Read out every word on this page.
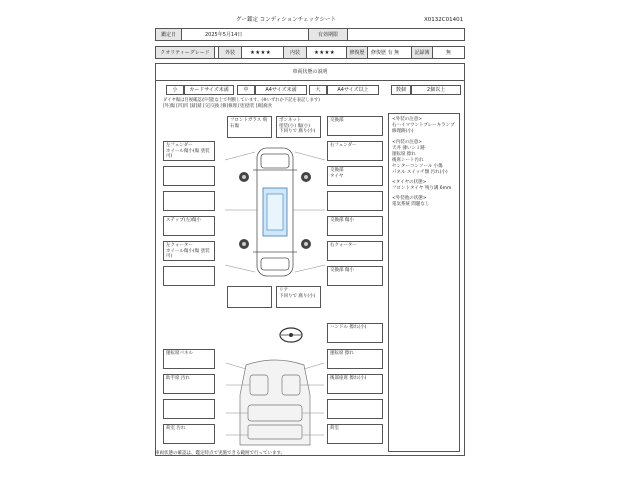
グー鑑定 コンディションチェックシート	X0132C01401
鑑定日	2025年5月14日	有効期限
クオリティーグレード	外装	★★★★	内装	★★★★	修復歴	修復歴 有 無	記録簿	無
車両状態の説明
小	カードサイズ未満	中	A4サイズ未満	大	A4サイズ以上	数個	2個以上
ダイヤ傷は目視確認が可能な上で判断しています。(※いずれか下記を表記します)
[外]傷 [凹]凹 [錆]錆 [交]交換 [修]修理 [塗]塗装 [腐]腐食
<外装の注意>
右ハイマウントブレーキランプ 修理跡(小)
<内装の注意>
天井 薄いシミ跡
運転席 擦れ
後席シート汚れ
センターコンソール 小傷
パネル スイッチ類 汚れ(小)
<タイヤの状態>
フロントタイヤ 残り溝 6mm
<外装他の状態>
電気系統 問題なし
左フェンダー
ホイール傷小(傷 塗装可)
ステップ(左)傷小
左クォーター
ホイール傷小(傷 塗装可)
フロントガラス 飛石傷
ボンネット
塗装(小) 傷(小)
下回りで 腐り(小)
交換部
右フェンダー
交換部
タイヤ
交換部 傷小
右クォーター
交換部 傷小
リア
下回りで 腐り(小)
ハンドル 擦れ(小)
運転席パネル	運転席 擦れ
助手席 汚れ	後部座席 擦れ(小)
荷室 汚れ	荷室
車両状態の確認は、鑑定時点で実施できる範囲で行っています。
